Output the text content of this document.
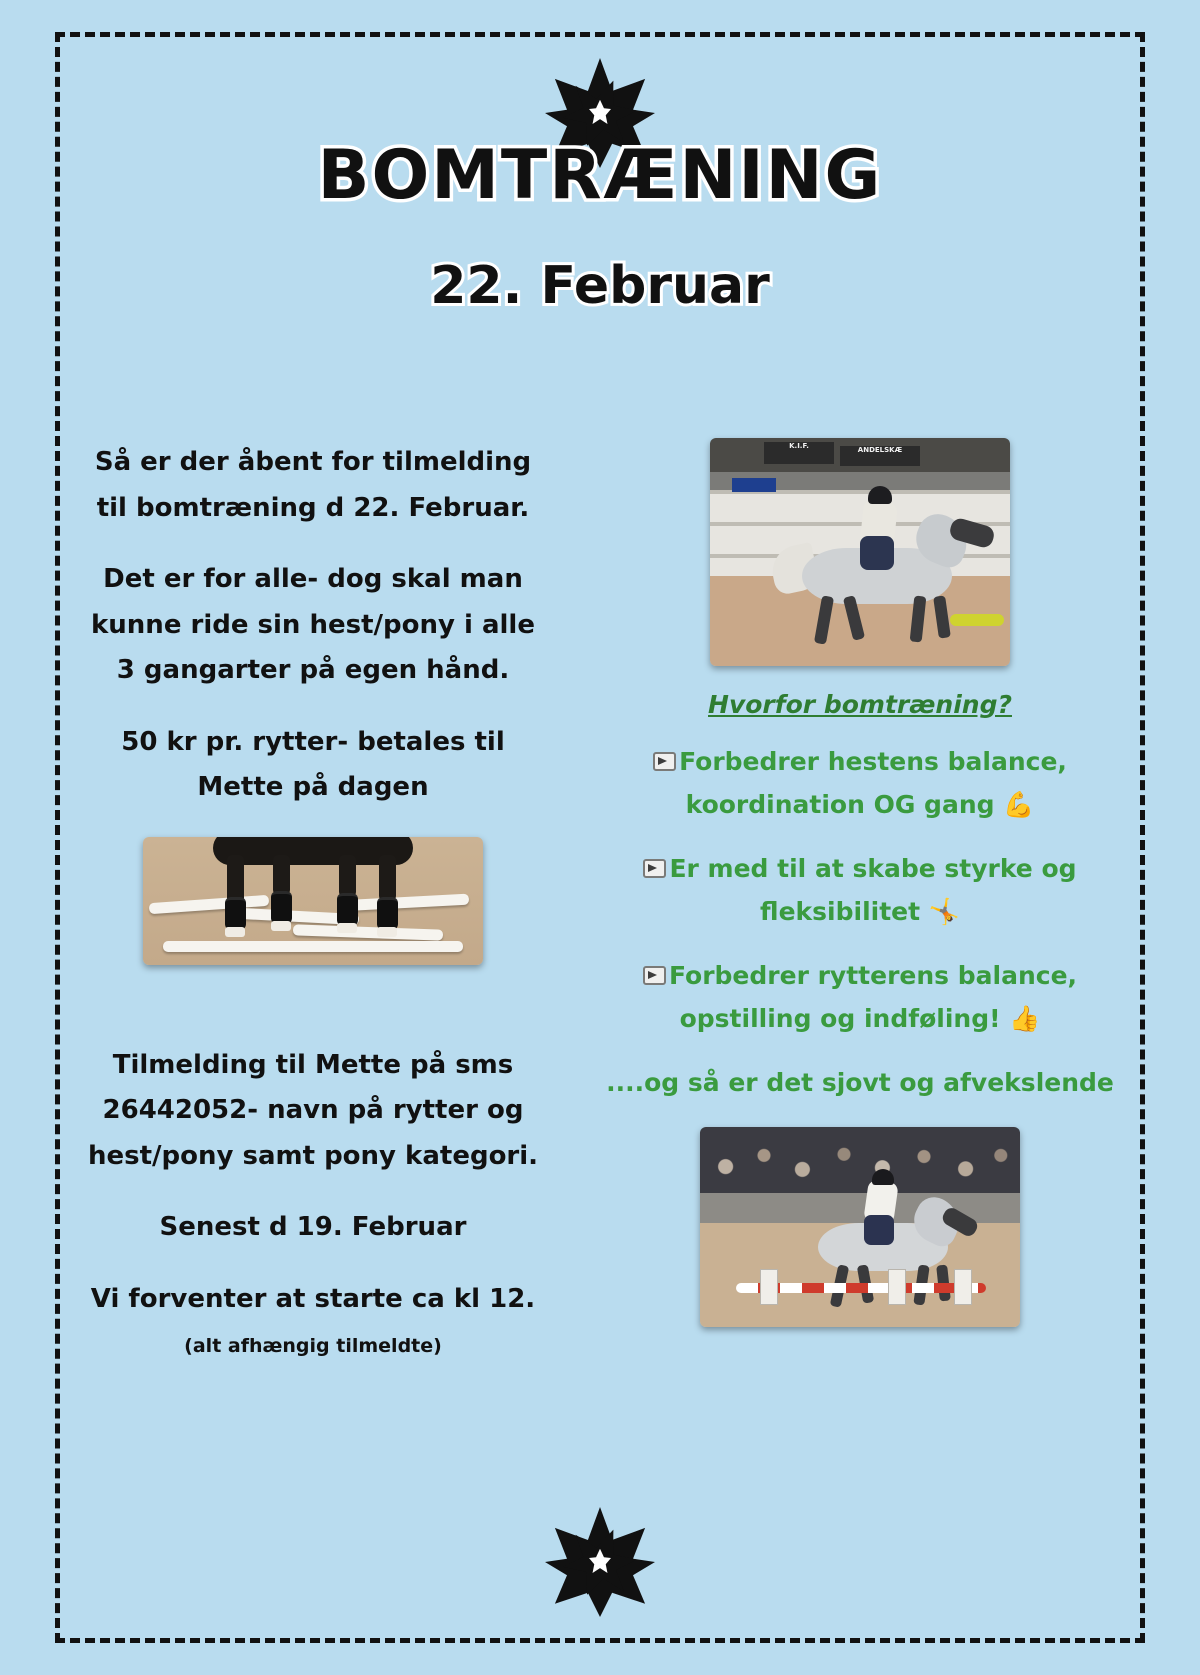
BOMTRÆNING
22. Februar

Så er der åbent for tilmelding til bomtræning d 22. Februar.

Det er for alle- dog skal man kunne ride sin hest/pony i alle 3 gangarter på egen hånd.

50 kr pr. rytter- betales til Mette på dagen

Tilmelding til Mette på sms 26442052- navn på rytter og hest/pony samt pony kategori.

Senest d 19. Februar

Vi forventer at starte ca kl 12. (alt afhængig tilmeldte)

K.I.F.	ANDELSKÆ
Hvorfor bomtræning?

Forbedrer hestens balance, koordination OG gang 💪

Er med til at skabe styrke og fleksibilitet 🤸

Forbedrer rytterens balance, opstilling og indføling! 👍

....og så er det sjovt og afvekslende
